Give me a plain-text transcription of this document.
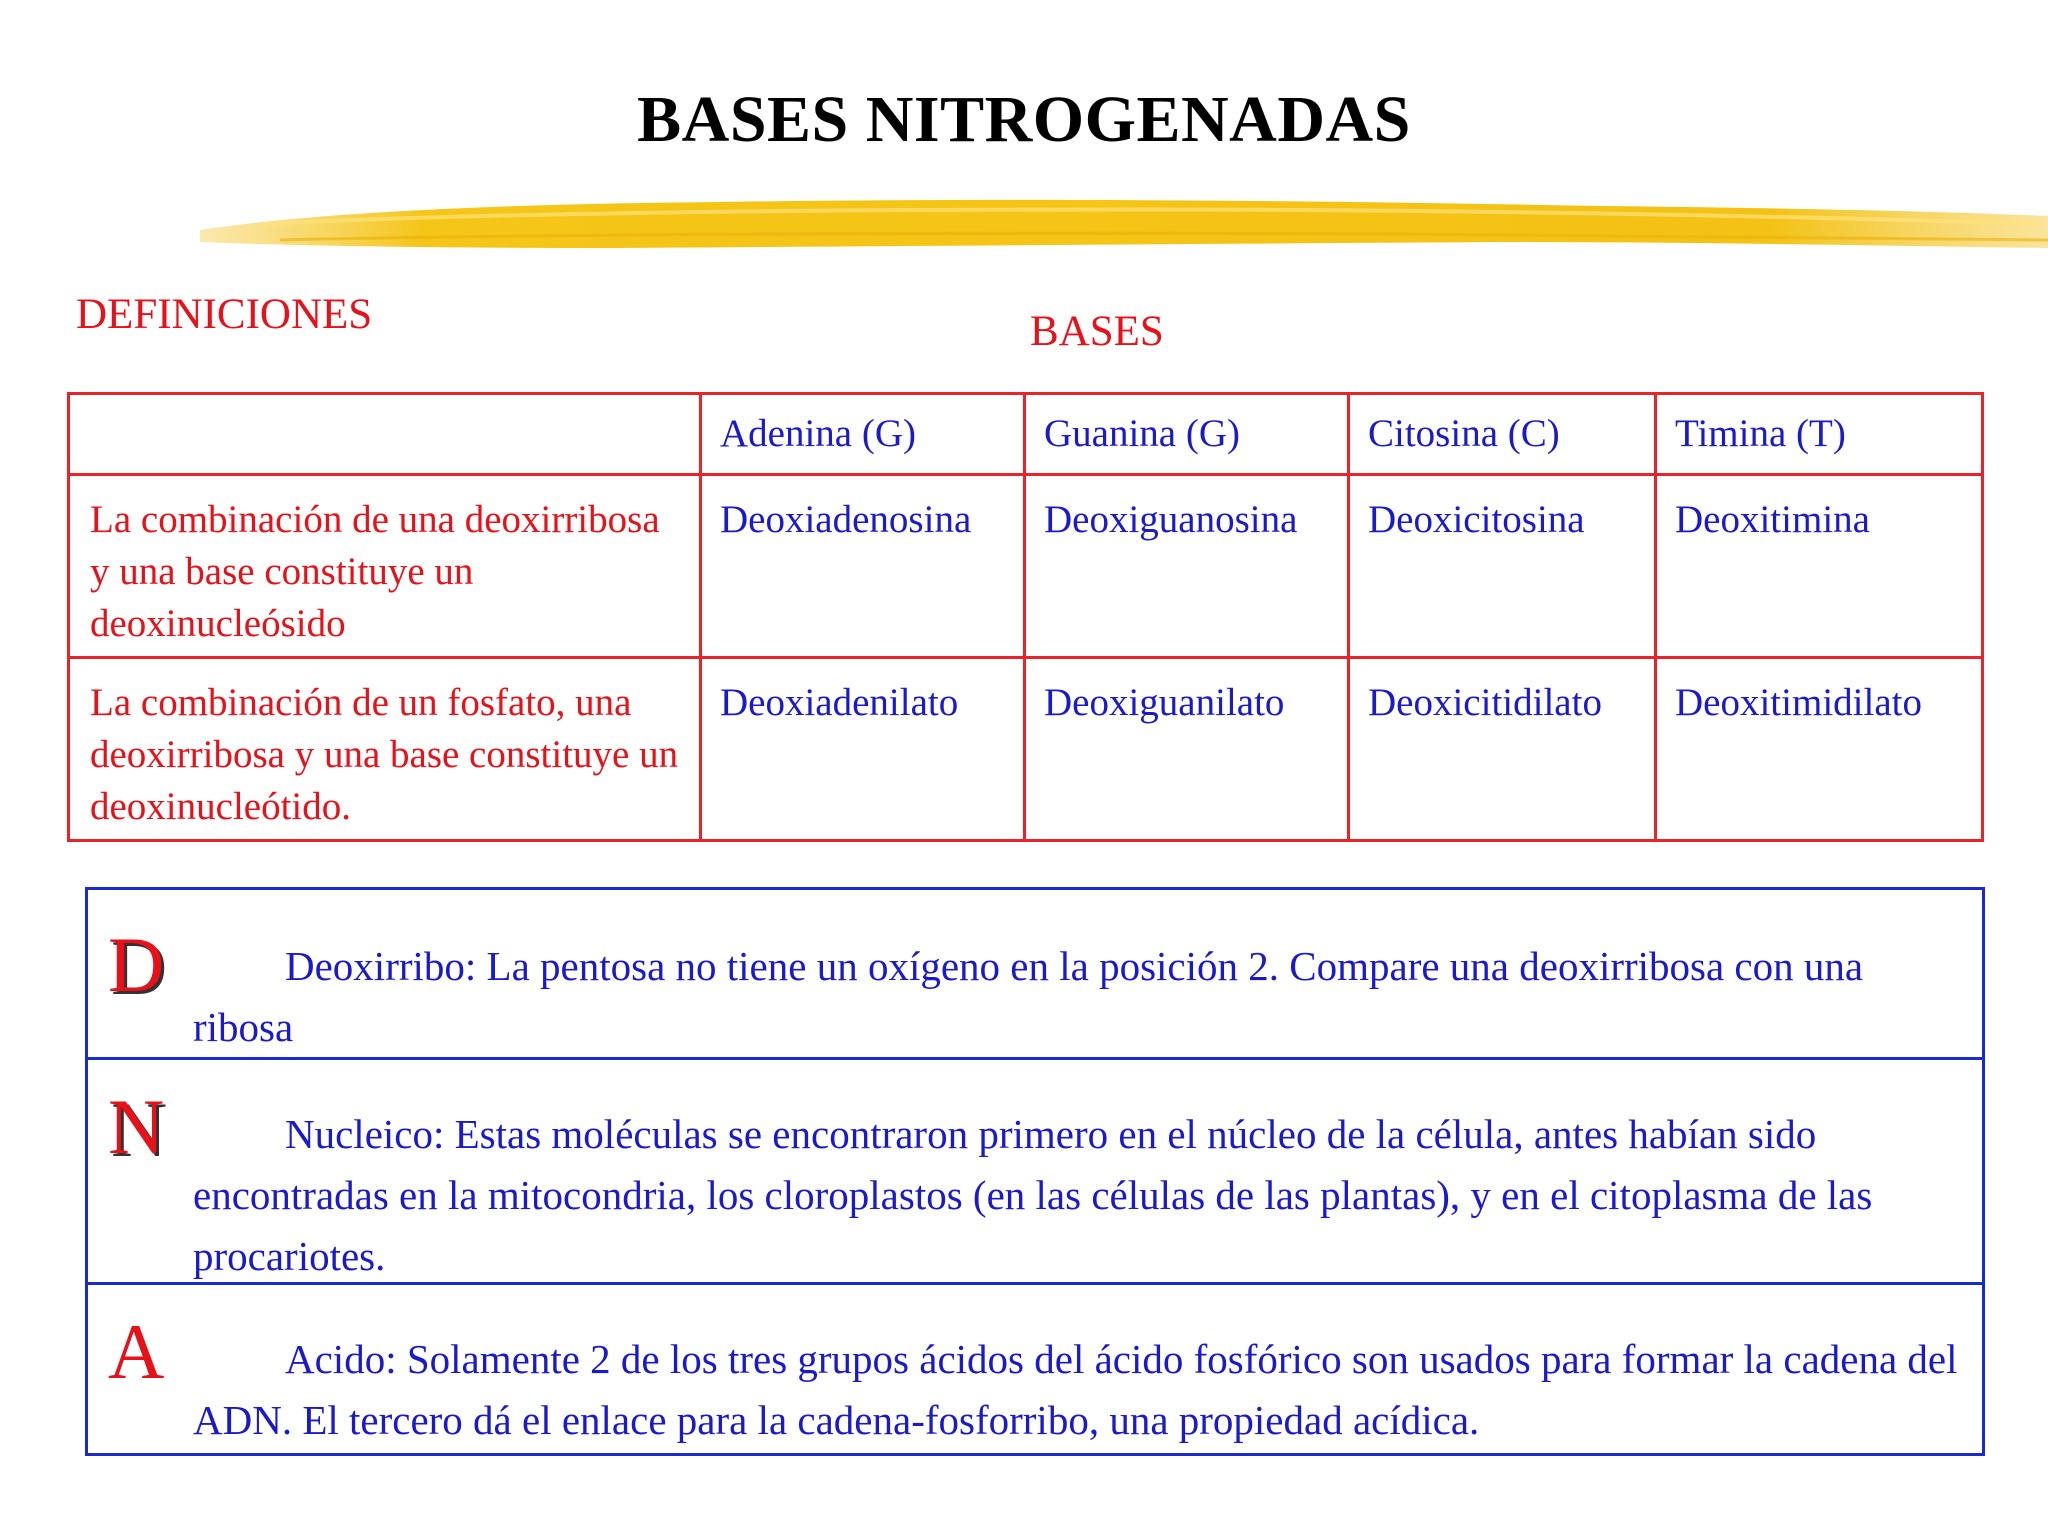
BASES NITROGENADAS
DEFINICIONES	BASES
	Adenina (G)	Guanina (G)	Citosina (C)	Timina (T)
La combinación de una deoxirribosa y una base constituye un deoxinucleósido	Deoxiadenosina	Deoxiguanosina	Deoxicitosina	Deoxitimina
La combinación de un fosfato, una deoxirribosa y una base constituye un deoxinucleótido.	Deoxiadenilato	Deoxiguanilato	Deoxicitidilato	Deoxitimidilato
D	Deoxirribo: La pentosa no tiene un oxígeno en la posición 2. Compare una deoxirribosa con una ribosa
N	Nucleico: Estas moléculas se encontraron primero en el núcleo de la célula, antes habían sido encontradas en la mitocondria, los cloroplastos (en las células de las plantas), y en el citoplasma de las procariotes.
A	Acido: Solamente 2 de los tres grupos ácidos del ácido fosfórico son usados para formar la cadena del ADN. El tercero dá el enlace para la cadena-fosforribo, una propiedad acídica.
